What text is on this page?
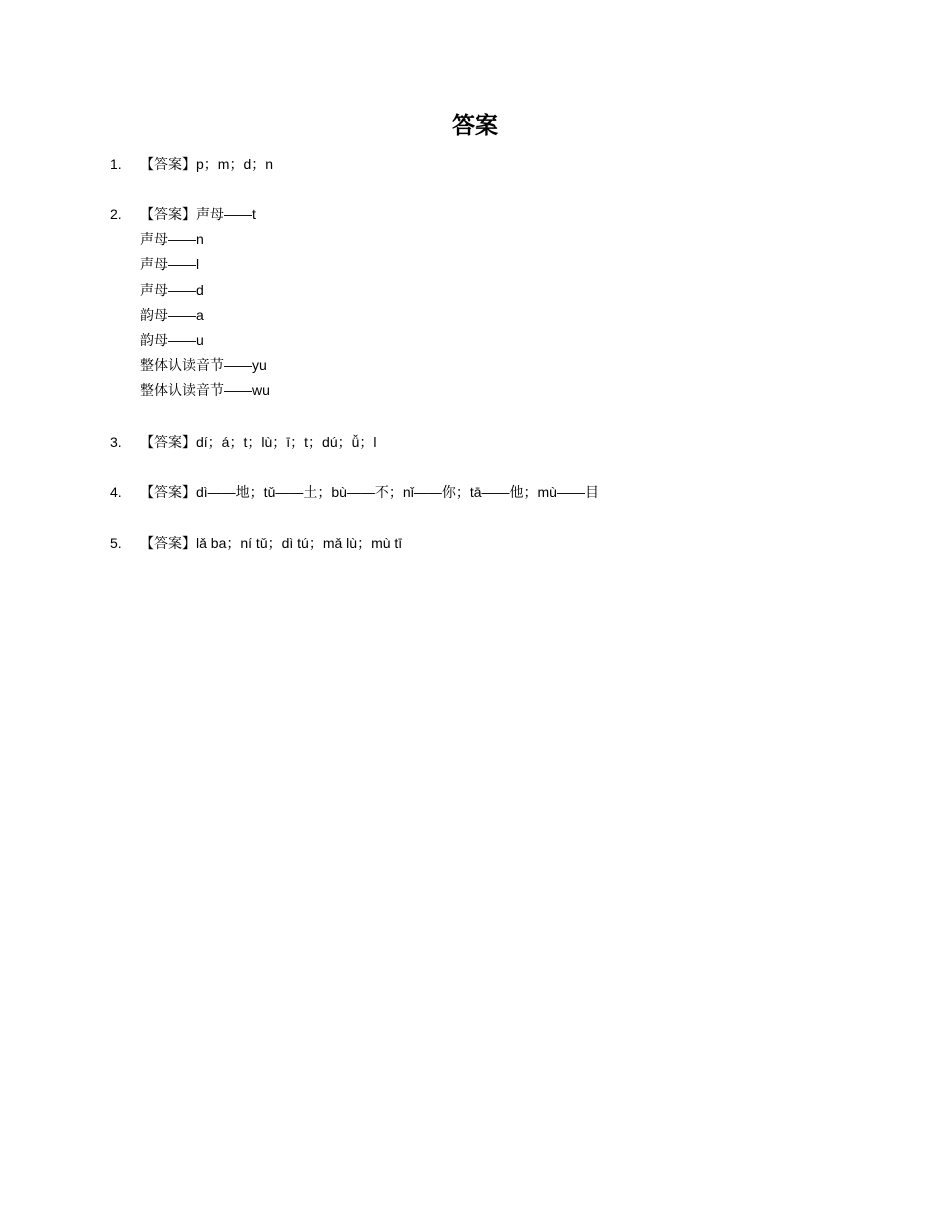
答案
1.	【答案】p；m；d；n
2.	【答案】声母——t
声母——n
声母——l
声母——d
韵母——a
韵母——u
整体认读音节——yu
整体认读音节——wu
3.	【答案】dí；á；t；lù；ī；t；dú；ǚ；l
4.	【答案】dì——地；tǔ——土；bù——不；nǐ——你；tā——他；mù——目
5.	【答案】lǎ ba；ní tǔ；dì tú；mǎ lù；mù tī
